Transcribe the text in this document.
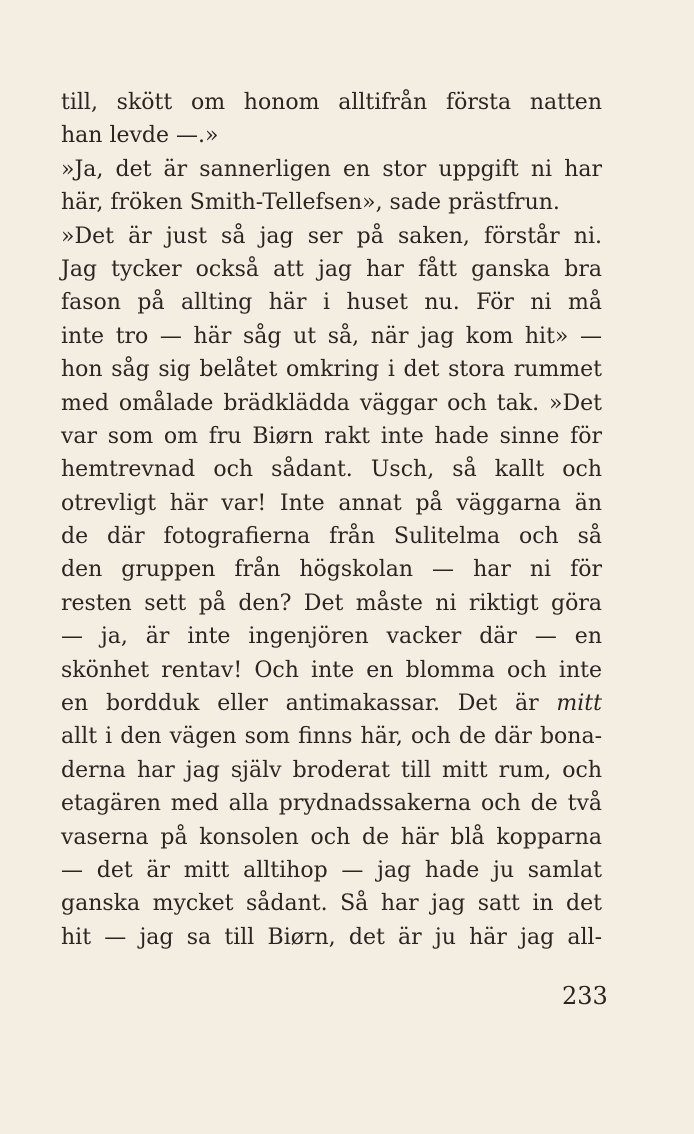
till, skött om honom alltifrån första natten
han levde —.»
»Ja, det är sannerligen en stor uppgift ni har
här, fröken Smith-Tellefsen», sade prästfrun.
»Det är just så jag ser på saken, förstår ni.
Jag tycker också att jag har fått ganska bra
fason på allting här i huset nu. För ni må
inte tro — här såg ut så, när jag kom hit» —
hon såg sig belåtet omkring i det stora rummet
med omålade brädklädda väggar och tak. »Det
var som om fru Biørn rakt inte hade sinne för
hemtrevnad och sådant. Usch, så kallt och
otrevligt här var! Inte annat på väggarna än
de där fotografierna från Sulitelma och så
den gruppen från högskolan — har ni för
resten sett på den? Det måste ni riktigt göra
— ja, är inte ingenjören vacker där — en
skönhet rentav! Och inte en blomma och inte
en bordduk eller antimakassar. Det är mitt
allt i den vägen som finns här, och de där bona-
derna har jag själv broderat till mitt rum, och
etagären med alla prydnadssakerna och de två
vaserna på konsolen och de här blå kopparna
— det är mitt alltihop — jag hade ju samlat
ganska mycket sådant. Så har jag satt in det
hit — jag sa till Biørn, det är ju här jag all-
233
